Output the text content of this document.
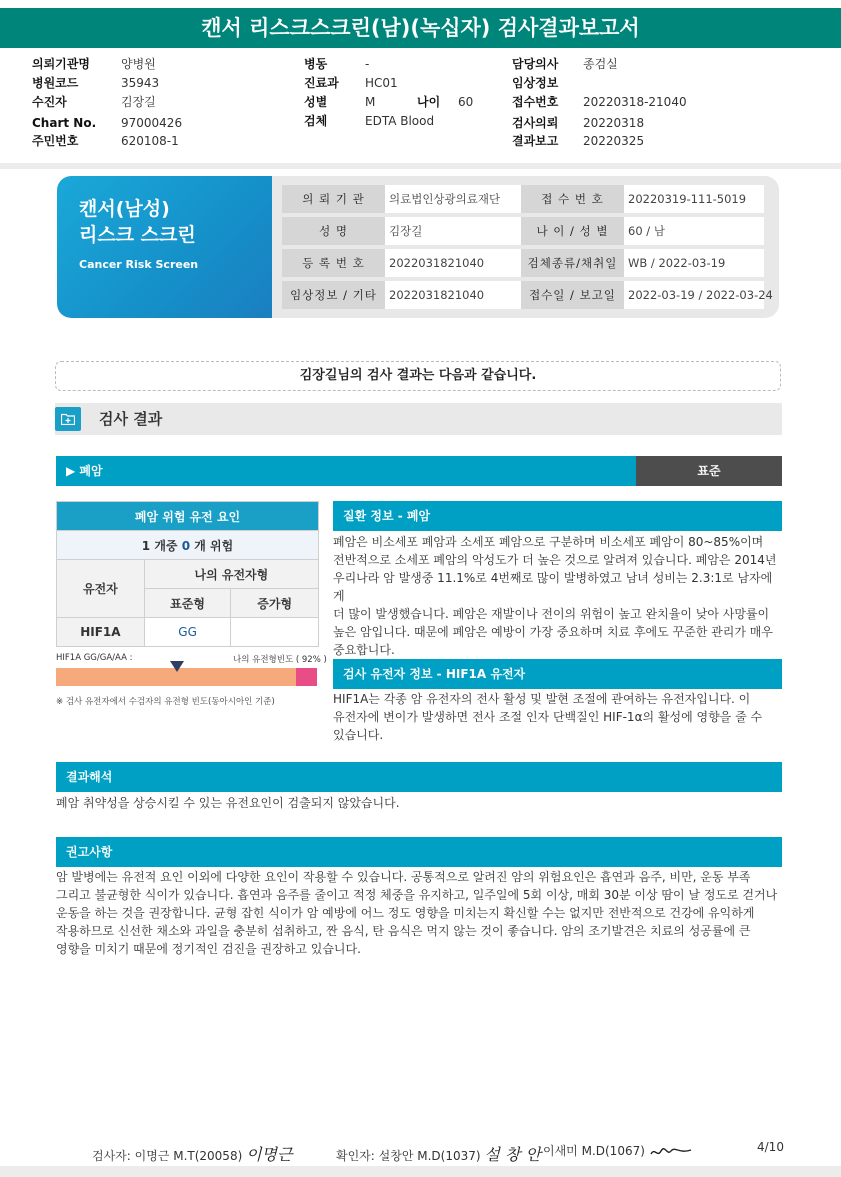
캔서 리스크스크린(남)(녹십자) 검사결과보고서
의뢰기관명	양병원
병원코드	35943
수진자	김장길
Chart No. 97000426
주민번호	620108-1
병동	-
진료과 HC01
성별	M	나이 60
검체	EDTA Blood
담당의사 종검실
임상정보
접수번호 20220318-21040
검사의뢰 20220318
결과보고 20220325
캔서(남성)
리스크 스크린
Cancer Risk Screen
의 뢰 기 관	의료법인상광의료재단	접 수 번 호	20220319-111-5019
성 명	김장길	나 이 / 성 별	60 / 남
등 록 번 호	2022031821040	검체종류/채취일 WB / 2022-03-19
임상정보 / 기타	2022031821040	접수일 / 보고일	2022-03-19 / 2022-03-24
김장길님의 검사 결과는 다음과 같습니다.
검사 결과
▶ 폐암	표준
폐암 위험 유전 요인		
1 개중 0 개 위험		
유전자	나의 유전자형	
	표준형	증가형
HIF1A	GG	
HIF1A GG/GA/AA :	나의 유전형빈도 ( 92% )
※ 검사 유전자에서 수검자의 유전형 빈도(동아시아인 기준)
질환 정보 - 폐암
폐암은 비소세포 폐암과 소세포 폐암으로 구분하며 비소세포 폐암이 80~85%이며
전반적으로 소세포 폐암의 악성도가 더 높은 것으로 알려져 있습니다. 폐암은 2014년
우리나라 암 발생중 11.1%로 4번째로 많이 발병하였고 남녀 성비는 2.3:1로 남자에게
더 많이 발생했습니다. 폐암은 재발이나 전이의 위험이 높고 완치율이 낮아 사망률이
높은 암입니다. 때문에 폐암은 예방이 가장 중요하며 치료 후에도 꾸준한 관리가 매우
중요합니다.
검사 유전자 정보 - HIF1A 유전자
HIF1A는 각종 암 유전자의 전사 활성 및 발현 조절에 관여하는 유전자입니다. 이
유전자에 변이가 발생하면 전사 조절 인자 단백질인 HIF-1α의 활성에 영향을 줄 수
있습니다.
결과해석
폐암 취약성을 상승시킬 수 있는 유전요인이 검출되지 않았습니다.
권고사항
암 발병에는 유전적 요인 이외에 다양한 요인이 작용할 수 있습니다. 공통적으로 알려진 암의 위험요인은 흡연과 음주, 비만, 운동 부족
그리고 불균형한 식이가 있습니다. 흡연과 음주를 줄이고 적정 체중을 유지하고, 일주일에 5회 이상, 매회 30분 이상 땀이 날 정도로 걷거나
운동을 하는 것을 권장합니다. 균형 잡힌 식이가 암 예방에 어느 정도 영향을 미치는지 확신할 수는 없지만 전반적으로 건강에 유익하게
작용하므로 신선한 채소와 과일을 충분히 섭취하고, 짠 음식, 탄 음식은 먹지 않는 것이 좋습니다. 암의 조기발견은 치료의 성공률에 큰
영향을 미치기 때문에 정기적인 검진을 권장하고 있습니다.
검사자: 이명근 M.T(20058) 이명근	확인자: 설창안 M.D(1037) 설 창 안 이새미 M.D(1067)	4/10
